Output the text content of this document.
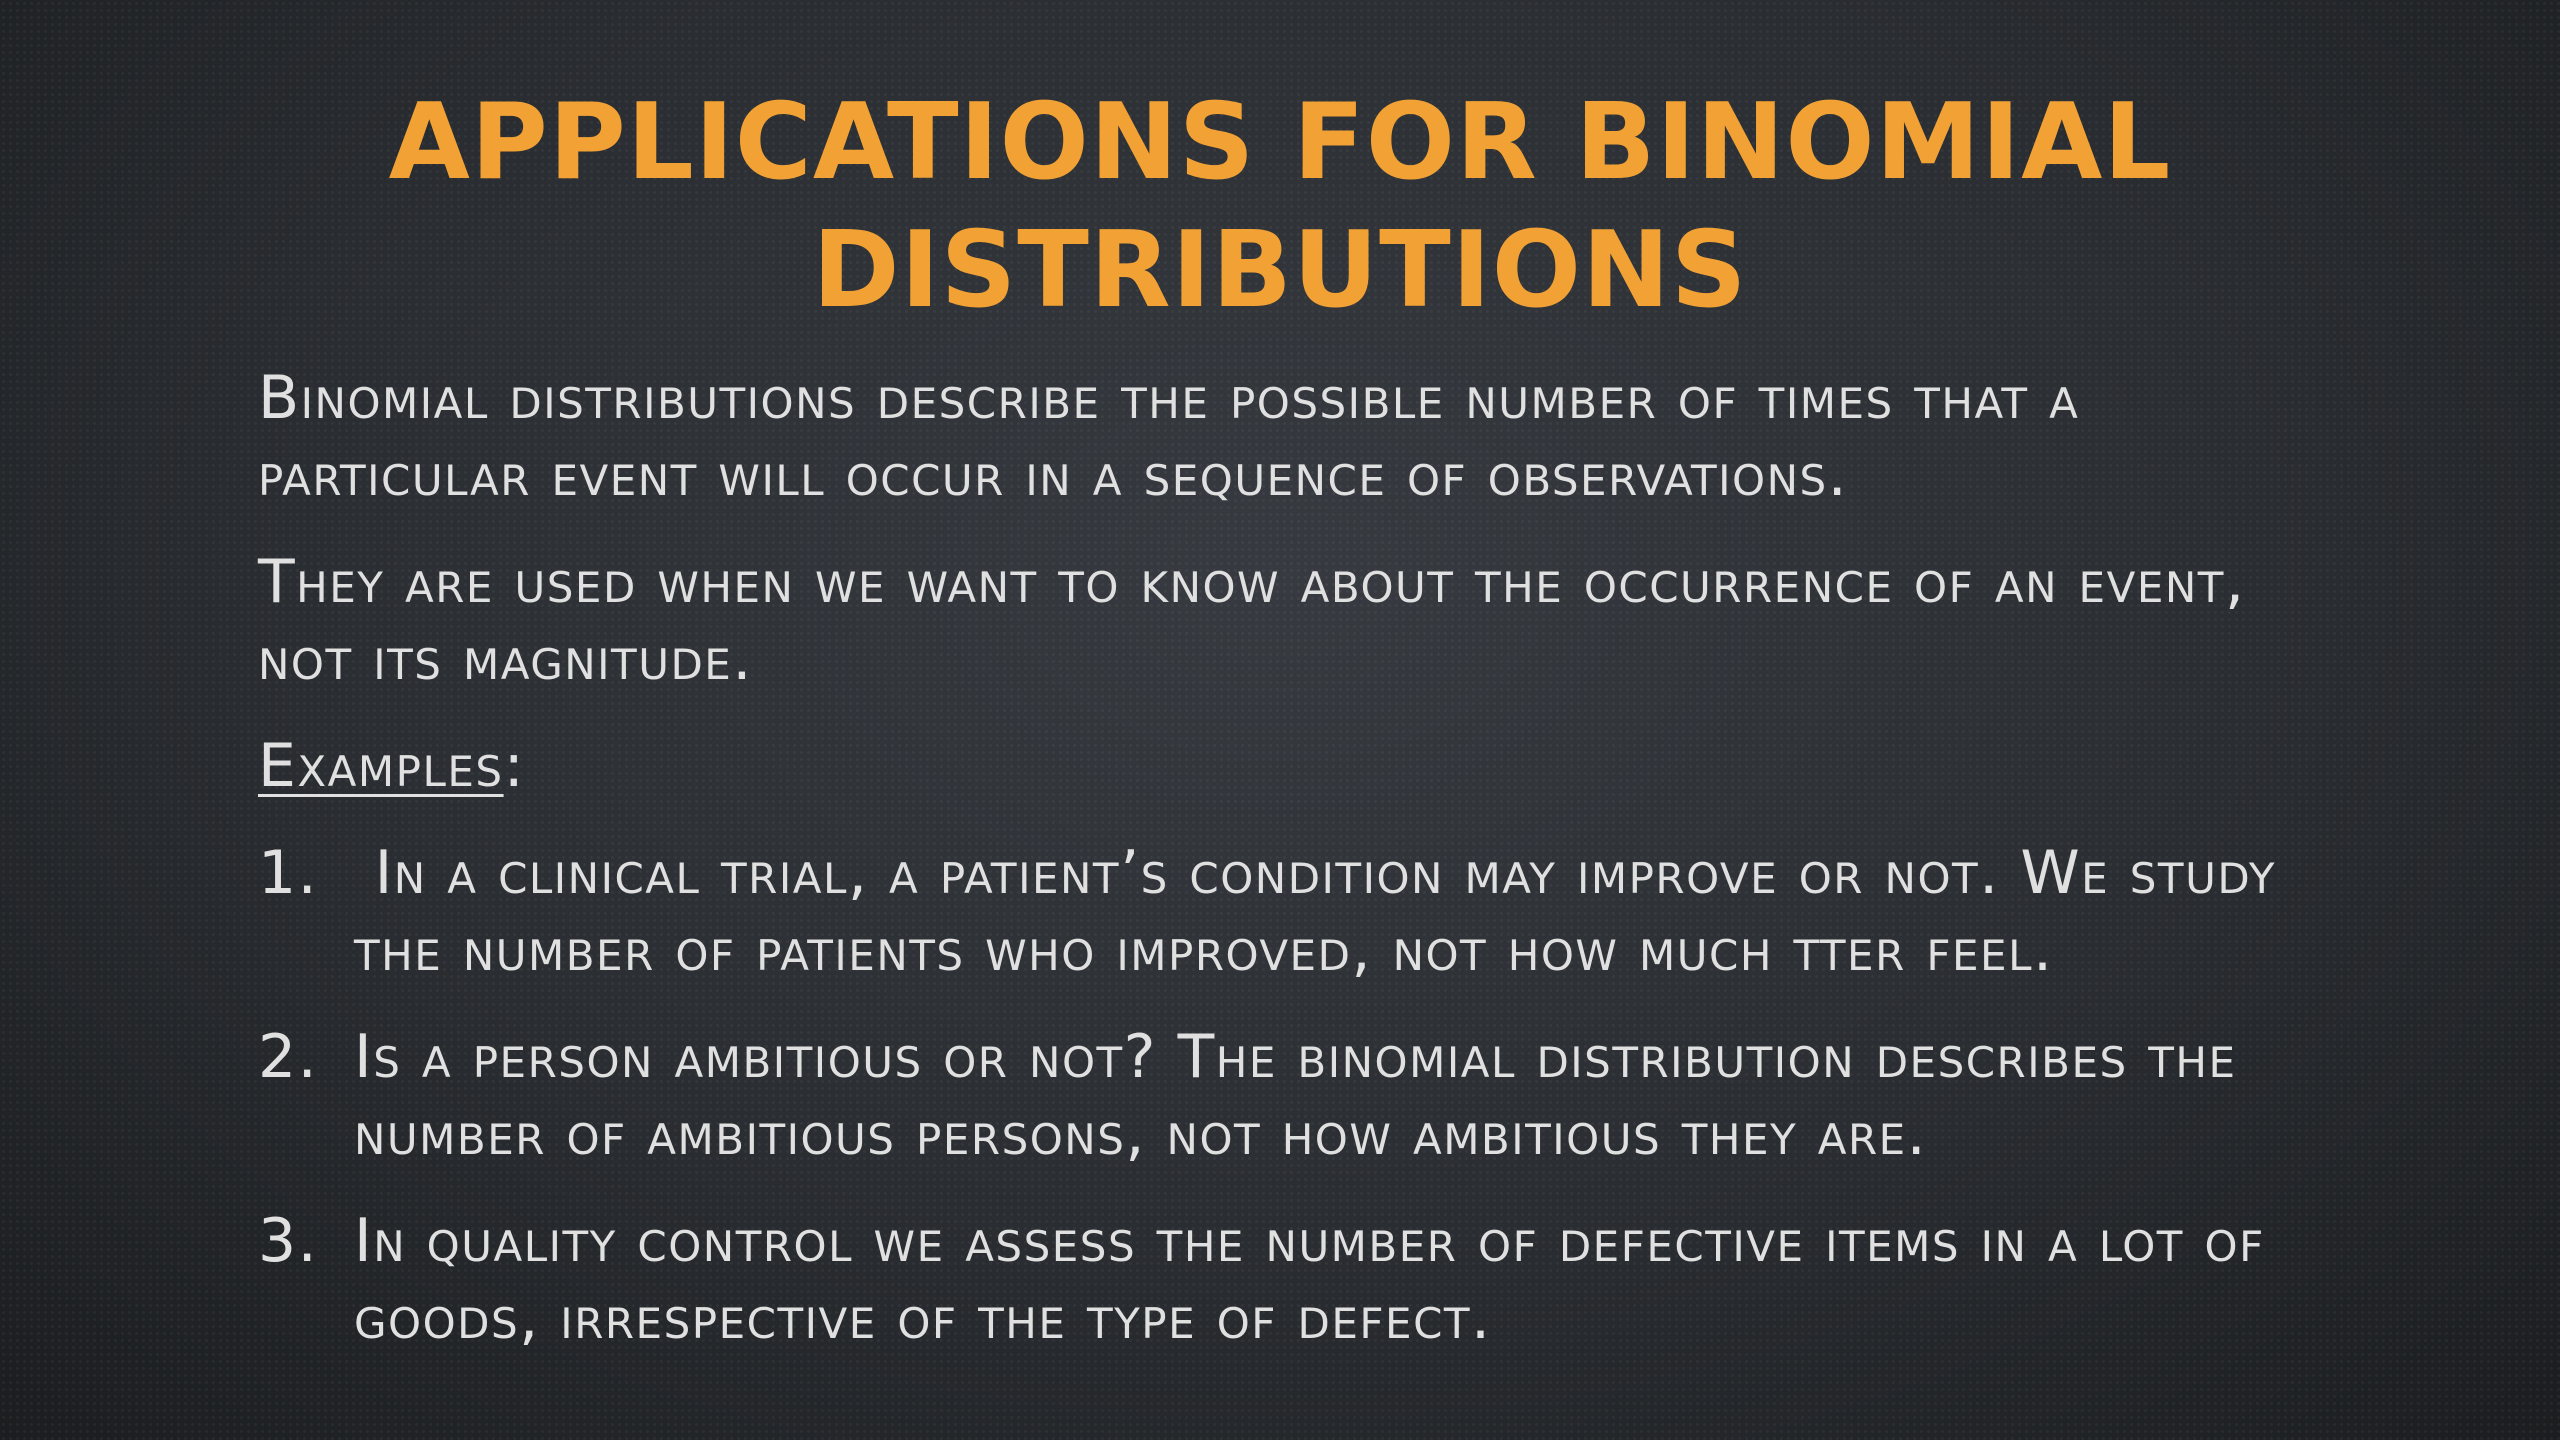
APPLICATIONS FOR BINOMIAL
DISTRIBUTIONS

Binomial distributions describe the possible number of times that a particular event will occur in a sequence of observations.

They are used when we want to know about the occurrence of an event, not its magnitude.

Examples:

1. In a clinical trial, a patient’s condition may improve or not. We study the number of patients who improved, not how much tter feel.
2. Is a person ambitious or not? The binomial distribution describes the number of ambitious persons, not how ambitious they are.
3. In quality control we assess the number of defective items in a lot of goods, irrespective of the type of defect.
